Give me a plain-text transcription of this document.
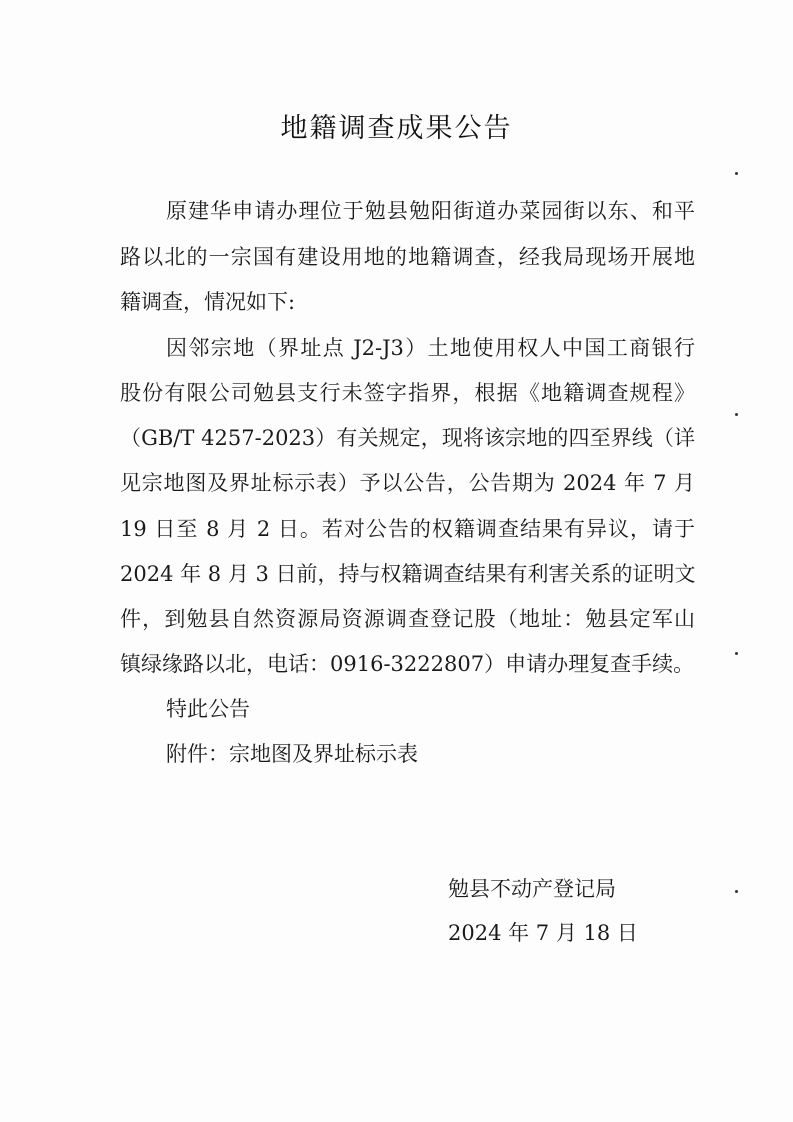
地籍调查成果公告
原建华申请办理位于勉县勉阳街道办菜园街以东、和平
路以北的一宗国有建设用地的地籍调查，经我局现场开展地
籍调查，情况如下:
因邻宗地（界址点 J2-J3）土地使用权人中国工商银行
股份有限公司勉县支行未签字指界，根据《地籍调查规程》
（GB/T 4257-2023）有关规定，现将该宗地的四至界线（详
见宗地图及界址标示表）予以公告，公告期为 2024 年 7 月
19 日至 8 月 2 日。若对公告的权籍调查结果有异议，请于
2024 年 8 月 3 日前，持与权籍调查结果有利害关系的证明文
件，到勉县自然资源局资源调查登记股（地址：勉县定军山
镇绿缘路以北，电话：0916-3222807）申请办理复查手续。
特此公告
附件：宗地图及界址标示表
勉县不动产登记局
2024 年 7 月 18 日
